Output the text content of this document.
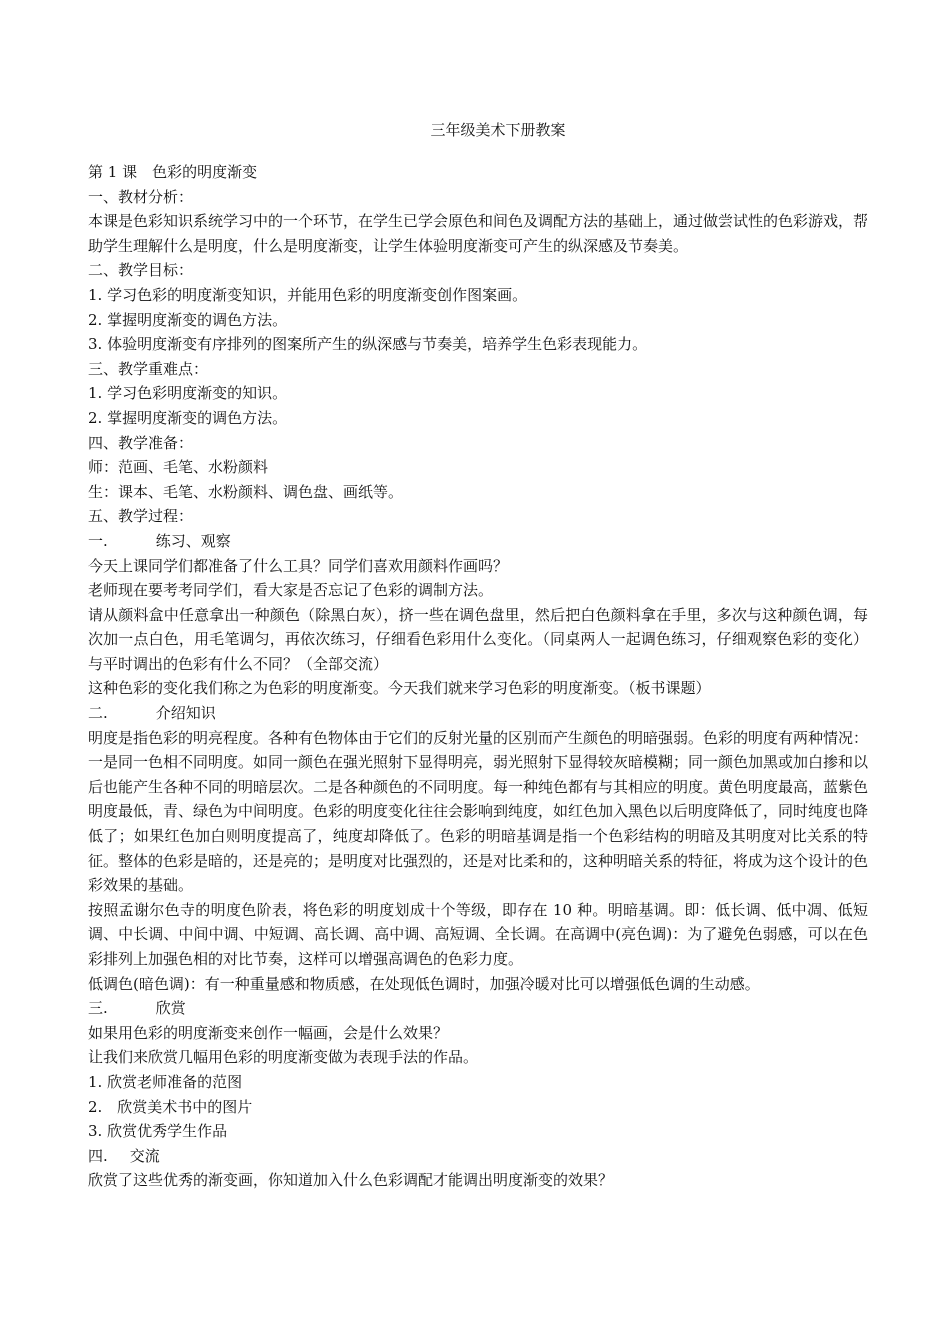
三年级美术下册教案

第 1 课　色彩的明度渐变

一、教材分析：

本课是色彩知识系统学习中的一个环节，在学生已学会原色和间色及调配方法的基础上，通过做尝试性的色彩游戏，帮助学生理解什么是明度，什么是明度渐变，让学生体验明度渐变可产生的纵深感及节奏美。

二、教学目标：

1. 学习色彩的明度渐变知识，并能用色彩的明度渐变创作图案画。

2. 掌握明度渐变的调色方法。

3. 体验明度渐变有序排列的图案所产生的纵深感与节奏美，培养学生色彩表现能力。

三、教学重难点：

1. 学习色彩明度渐变的知识。

2. 掌握明度渐变的调色方法。

四、教学准备：

师：范画、毛笔、水粉颜料

生：课本、毛笔、水粉颜料、调色盘、画纸等。

五、教学过程：

一.	练习、观察

今天上课同学们都准备了什么工具？同学们喜欢用颜料作画吗？

老师现在要考考同学们，看大家是否忘记了色彩的调制方法。

请从颜料盒中任意拿出一种颜色（除黑白灰），挤一些在调色盘里，然后把白色颜料拿在手里，多次与这种颜色调，每次加一点白色，用毛笔调匀，再依次练习，仔细看色彩用什么变化。（同桌两人一起调色练习，仔细观察色彩的变化）与平时调出的色彩有什么不同？（全部交流）

这种色彩的变化我们称之为色彩的明度渐变。今天我们就来学习色彩的明度渐变。（板书课题）

二.	介绍知识

明度是指色彩的明亮程度。各种有色物体由于它们的反射光量的区别而产生颜色的明暗强弱。色彩的明度有两种情况：一是同一色相不同明度。如同一颜色在强光照射下显得明亮，弱光照射下显得较灰暗模糊；同一颜色加黑或加白掺和以后也能产生各种不同的明暗层次。二是各种颜色的不同明度。每一种纯色都有与其相应的明度。黄色明度最高，蓝紫色明度最低，青、绿色为中间明度。色彩的明度变化往往会影响到纯度，如红色加入黑色以后明度降低了，同时纯度也降低了；如果红色加白则明度提高了，纯度却降低了。色彩的明暗基调是指一个色彩结构的明暗及其明度对比关系的特征。整体的色彩是暗的，还是亮的；是明度对比强烈的，还是对比柔和的，这种明暗关系的特征，将成为这个设计的色彩效果的基础。

按照孟谢尔色寺的明度色阶表，将色彩的明度划成十个等级，即存在 10 种。明暗基调。即：低长调、低中凋、低短调、中长调、中间中调、中短调、高长调、高中调、高短调、全长调。在高调中(亮色调)：为了避免色弱感，可以在色彩排列上加强色相的对比节奏，这样可以增强高调色的色彩力度。

低调色(暗色调)：有一种重量感和物质感，在处现低色调时，加强冷暖对比可以增强低色调的生动感。

三.	欣赏

如果用色彩的明度渐变来创作一幅画，会是什么效果？

让我们来欣赏几幅用色彩的明度渐变做为表现手法的作品。

1. 欣赏老师准备的范图

2.　欣赏美术书中的图片

3. 欣赏优秀学生作品

四. 交流

欣赏了这些优秀的渐变画，你知道加入什么色彩调配才能调出明度渐变的效果？
